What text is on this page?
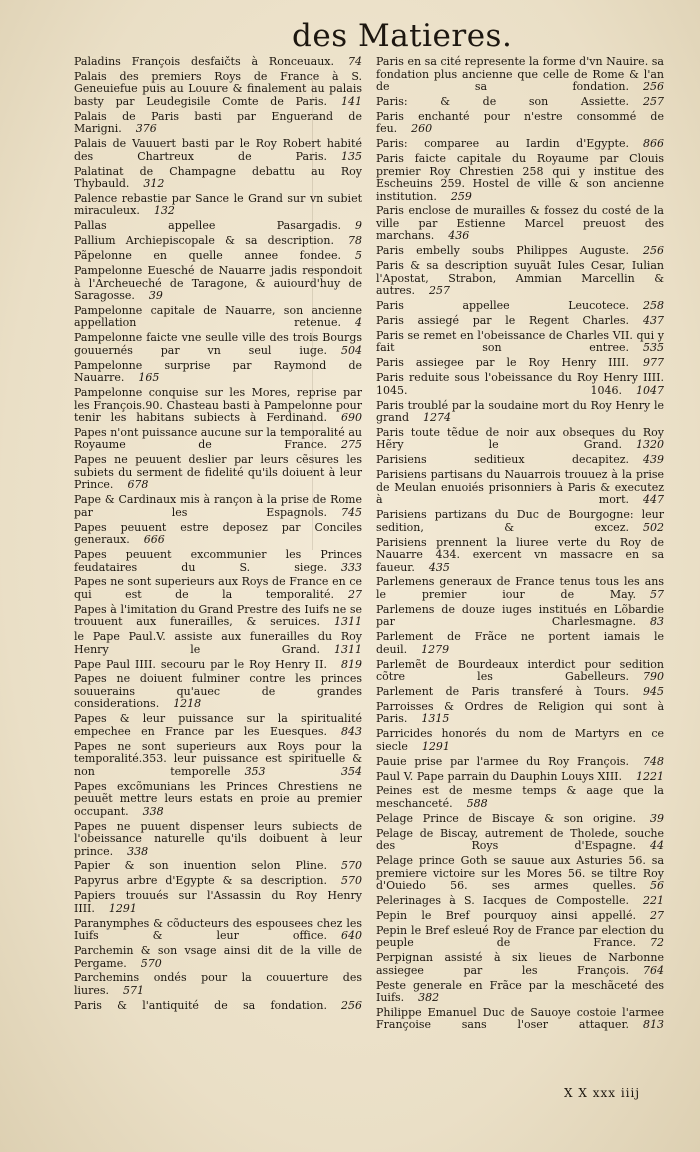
des Matieres.
Paladins François desfaičts à Ronceuaux. 74
Palais des premiers Roys de France à S. Geneuiefue puis au Louure & finalement au palais basty par Leudegisile Comte de Paris. 141
Palais de Paris basti par Enguerand de Marigni. 376
Palais de Vauuert basti par le Roy Robert habité des Chartreux de Paris. 135
Palatinat de Champagne debattu au Roy Thybauld. 312
Palence rebastie par Sance le Grand sur vn subiet miraculeux. 132
Pallas appellee Pasargadis. 9
Pallium Archiepiscopale & sa description. 78
Pãpelonne en quelle annee fondee. 5
Pampelonne Euesché de Nauarre jadis respondoit à l'Archeueché de Taragone, & auiourd'huy de Saragosse. 39
Pampelonne capitale de Nauarre, son ancienne appellation retenue. 4
Pampelonne faicte vne seulle ville des trois Bourgs gouuernés par vn seul iuge. 504
Pampelonne surprise par Raymond de Nauarre. 165
Pampelonne conquise sur les Mores, reprise par les François.90. Chasteau basti à Pampelonne pour tenir les habitans subiects à Ferdinand. 690
Papes n'ont puissance aucune sur la temporalité au Royaume de France. 275
Papes ne peuuent deslier par leurs cẽsures les subiets du serment de fidelité qu'ils doiuent à leur Prince. 678
Pape & Cardinaux mis à rançon à la prise de Rome par les Espagnols. 745
Papes peuuent estre deposez par Conciles generaux. 666
Papes peuuent excommunier les Princes feudataires du S. siege. 333
Papes ne sont superieurs aux Roys de France en ce qui est de la temporalité. 27
Papes à l'imitation du Grand Prestre des Iuifs ne se trouuent aux funerailles, & seruices. 1311
le Pape Paul.V. assiste aux funerailles du Roy Henry le Grand. 1311
Pape Paul IIII. secouru par le Roy Henry II. 819
Papes ne doiuent fulminer contre les princes souuerains qu'auec de grandes considerations. 1218
Papes & leur puissance sur la spiritualité empechee en France par les Euesques. 843
Papes ne sont superieurs aux Roys pour la temporalité.353. leur puissance est spirituelle & non temporelle 353 354
Papes excõmunians les Princes Chrestiens ne peuuẽt mettre leurs estats en proie au premier occupant. 338
Papes ne puuent dispenser leurs subiects de l'obeissance naturelle qu'ils doibuent à leur prince. 338
Papier & son inuention selon Pline. 570
Papyrus arbre d'Egypte & sa description. 570
Papiers trouués sur l'Assassin du Roy Henry IIII. 1291
Paranymphes & cõducteurs des espousees chez les Iuifs & leur office. 640
Parchemin & son vsage ainsi dit de la ville de Pergame. 570
Parchemins ondés pour la couuerture des liures. 571
Paris & l'antiquité de sa fondation. 256
Paris en sa cité represente la forme d'vn Nauire. sa fondation plus ancienne que celle de Rome & l'an de sa fondation. 256
Paris: & de son Assiette. 257
Paris enchanté pour n'estre consommé de feu. 260
Paris: comparee au Iardin d'Egypte. 866
Paris faicte capitale du Royaume par Clouis premier Roy Chrestien 258 qui y institue des Escheuins 259. Hostel de ville & son ancienne institution. 259
Paris enclose de murailles & fossez du costé de la ville par Estienne Marcel preuost des marchans. 436
Paris embelly soubs Philippes Auguste. 256
Paris & sa description suyuãt Iules Cesar, Iulian l'Apostat, Strabon, Ammian Marcellin & autres. 257
Paris appellee Leucotece. 258
Paris assiegé par le Regent Charles. 437
Paris se remet en l'obeissance de Charles VII. qui y fait son entree. 535
Paris assiegee par le Roy Henry IIII. 977
Paris reduite sous l'obeissance du Roy Henry IIII. 1045. 1046. 1047
Paris troublé par la soudaine mort du Roy Henry le grand 1274
Paris toute tẽdue de noir aux obseques du Roy Hẽry le Grand. 1320
Parisiens seditieux decapitez. 439
Parisiens partisans du Nauarrois trouuez à la prise de Meulan enuoiés prisonniers à Paris & executez à mort. 447
Parisiens partizans du Duc de Bourgogne: leur sedition, & excez. 502
Parisiens prennent la liuree verte du Roy de Nauarre 434. exercent vn massacre en sa faueur. 435
Parlemens generaux de France tenus tous les ans le premier iour de May. 57
Parlemens de douze iuges institués en Lõbardie par Charlesmagne. 83
Parlement de Frãce ne portent iamais le deuil. 1279
Parlemẽt de Bourdeaux interdict pour sedition cõtre les Gabelleurs. 790
Parlement de Paris transferé à Tours. 945
Parroisses & Ordres de Religion qui sont à Paris. 1315
Parricides honorés du nom de Martyrs en ce siecle 1291
Pauie prise par l'armee du Roy François. 748
Paul V. Pape parrain du Dauphin Louys XIII. 1221
Peines est de mesme temps & aage que la meschanceté. 588
Pelage Prince de Biscaye & son origine. 39
Pelage de Biscay, autrement de Tholede, souche des Roys d'Espagne. 44
Pelage prince Goth se sauue aux Asturies 56. sa premiere victoire sur les Mores 56. se tiltre Roy d'Ouiedo 56. ses armes quelles. 56
Pelerinages à S. Iacques de Compostelle. 221
Pepin le Bref pourquoy ainsi appellé. 27
Pepin le Bref esleué Roy de France par election du peuple de France. 72
Perpignan assisté à six lieues de Narbonne assiegee par les François. 764
Peste generale en Frãce par la meschãceté des Iuifs. 382
Philippe Emanuel Duc de Sauoye costoie l'armee Françoise sans l'oser attaquer. 813
X X xxx iiij
